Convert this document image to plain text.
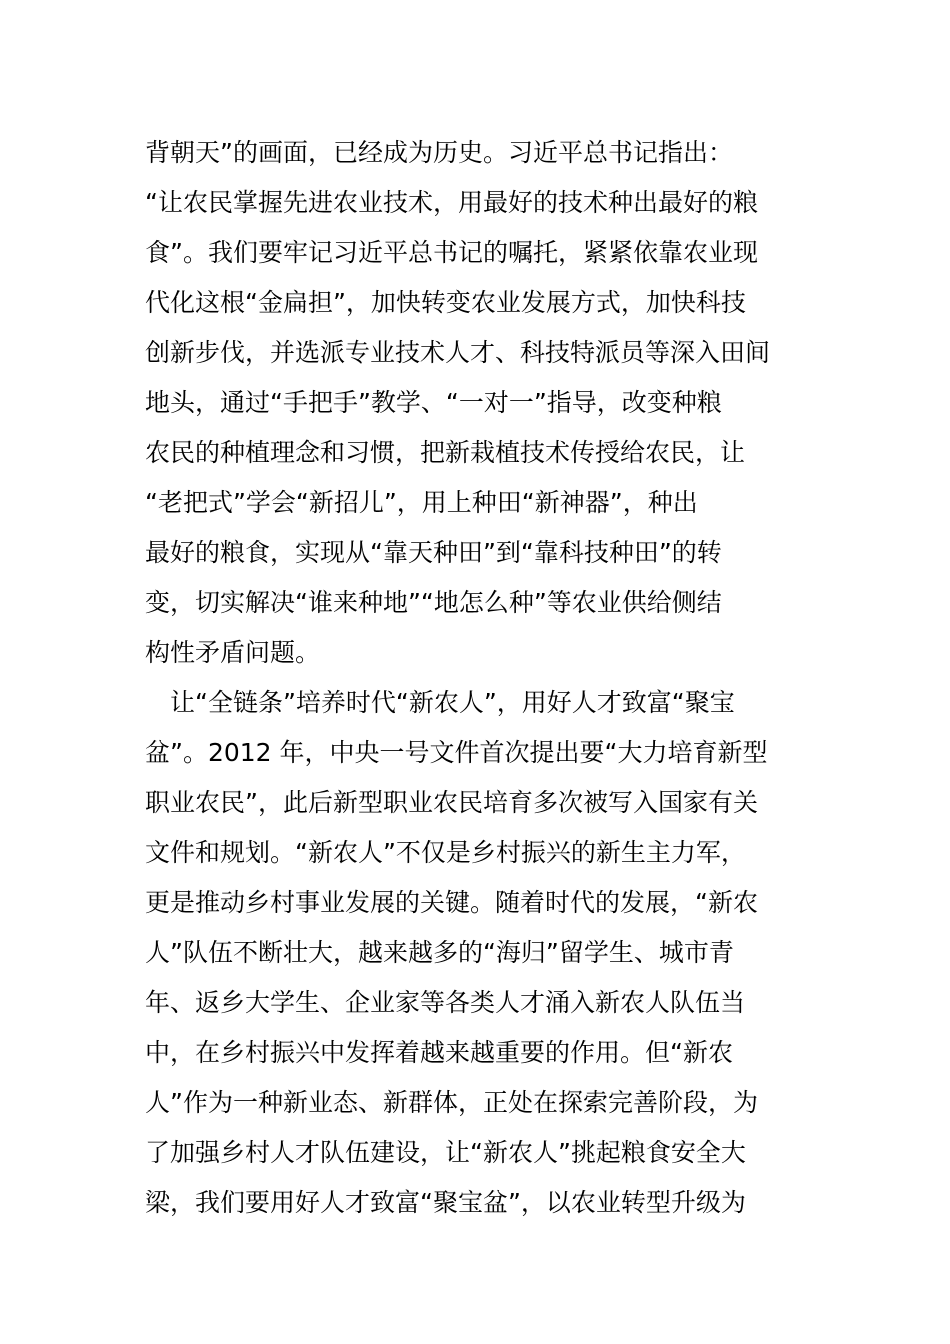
背朝天”的画面，已经成为历史。习近平总书记指出：
“让农民掌握先进农业技术，用最好的技术种出最好的粮
食”。我们要牢记习近平总书记的嘱托，紧紧依靠农业现
代化这根“金扁担”，加快转变农业发展方式，加快科技
创新步伐，并选派专业技术人才、科技特派员等深入田间
地头，通过“手把手”教学、“一对一”指导，改变种粮
农民的种植理念和习惯，把新栽植技术传授给农民，让
“老把式”学会“新招儿”，用上种田“新神器”，种出
最好的粮食，实现从“靠天种田”到“靠科技种田”的转
变，切实解决“谁来种地”“地怎么种”等农业供给侧结
构性矛盾问题。
　让“全链条”培养时代“新农人”，用好人才致富“聚宝
盆”。2012 年，中央一号文件首次提出要“大力培育新型
职业农民”，此后新型职业农民培育多次被写入国家有关
文件和规划。“新农人”不仅是乡村振兴的新生主力军，
更是推动乡村事业发展的关键。随着时代的发展，“新农
人”队伍不断壮大，越来越多的“海归”留学生、城市青
年、返乡大学生、企业家等各类人才涌入新农人队伍当
中，在乡村振兴中发挥着越来越重要的作用。但“新农
人”作为一种新业态、新群体，正处在探索完善阶段，为
了加强乡村人才队伍建设，让“新农人”挑起粮食安全大
梁，我们要用好人才致富“聚宝盆”，以农业转型升级为
